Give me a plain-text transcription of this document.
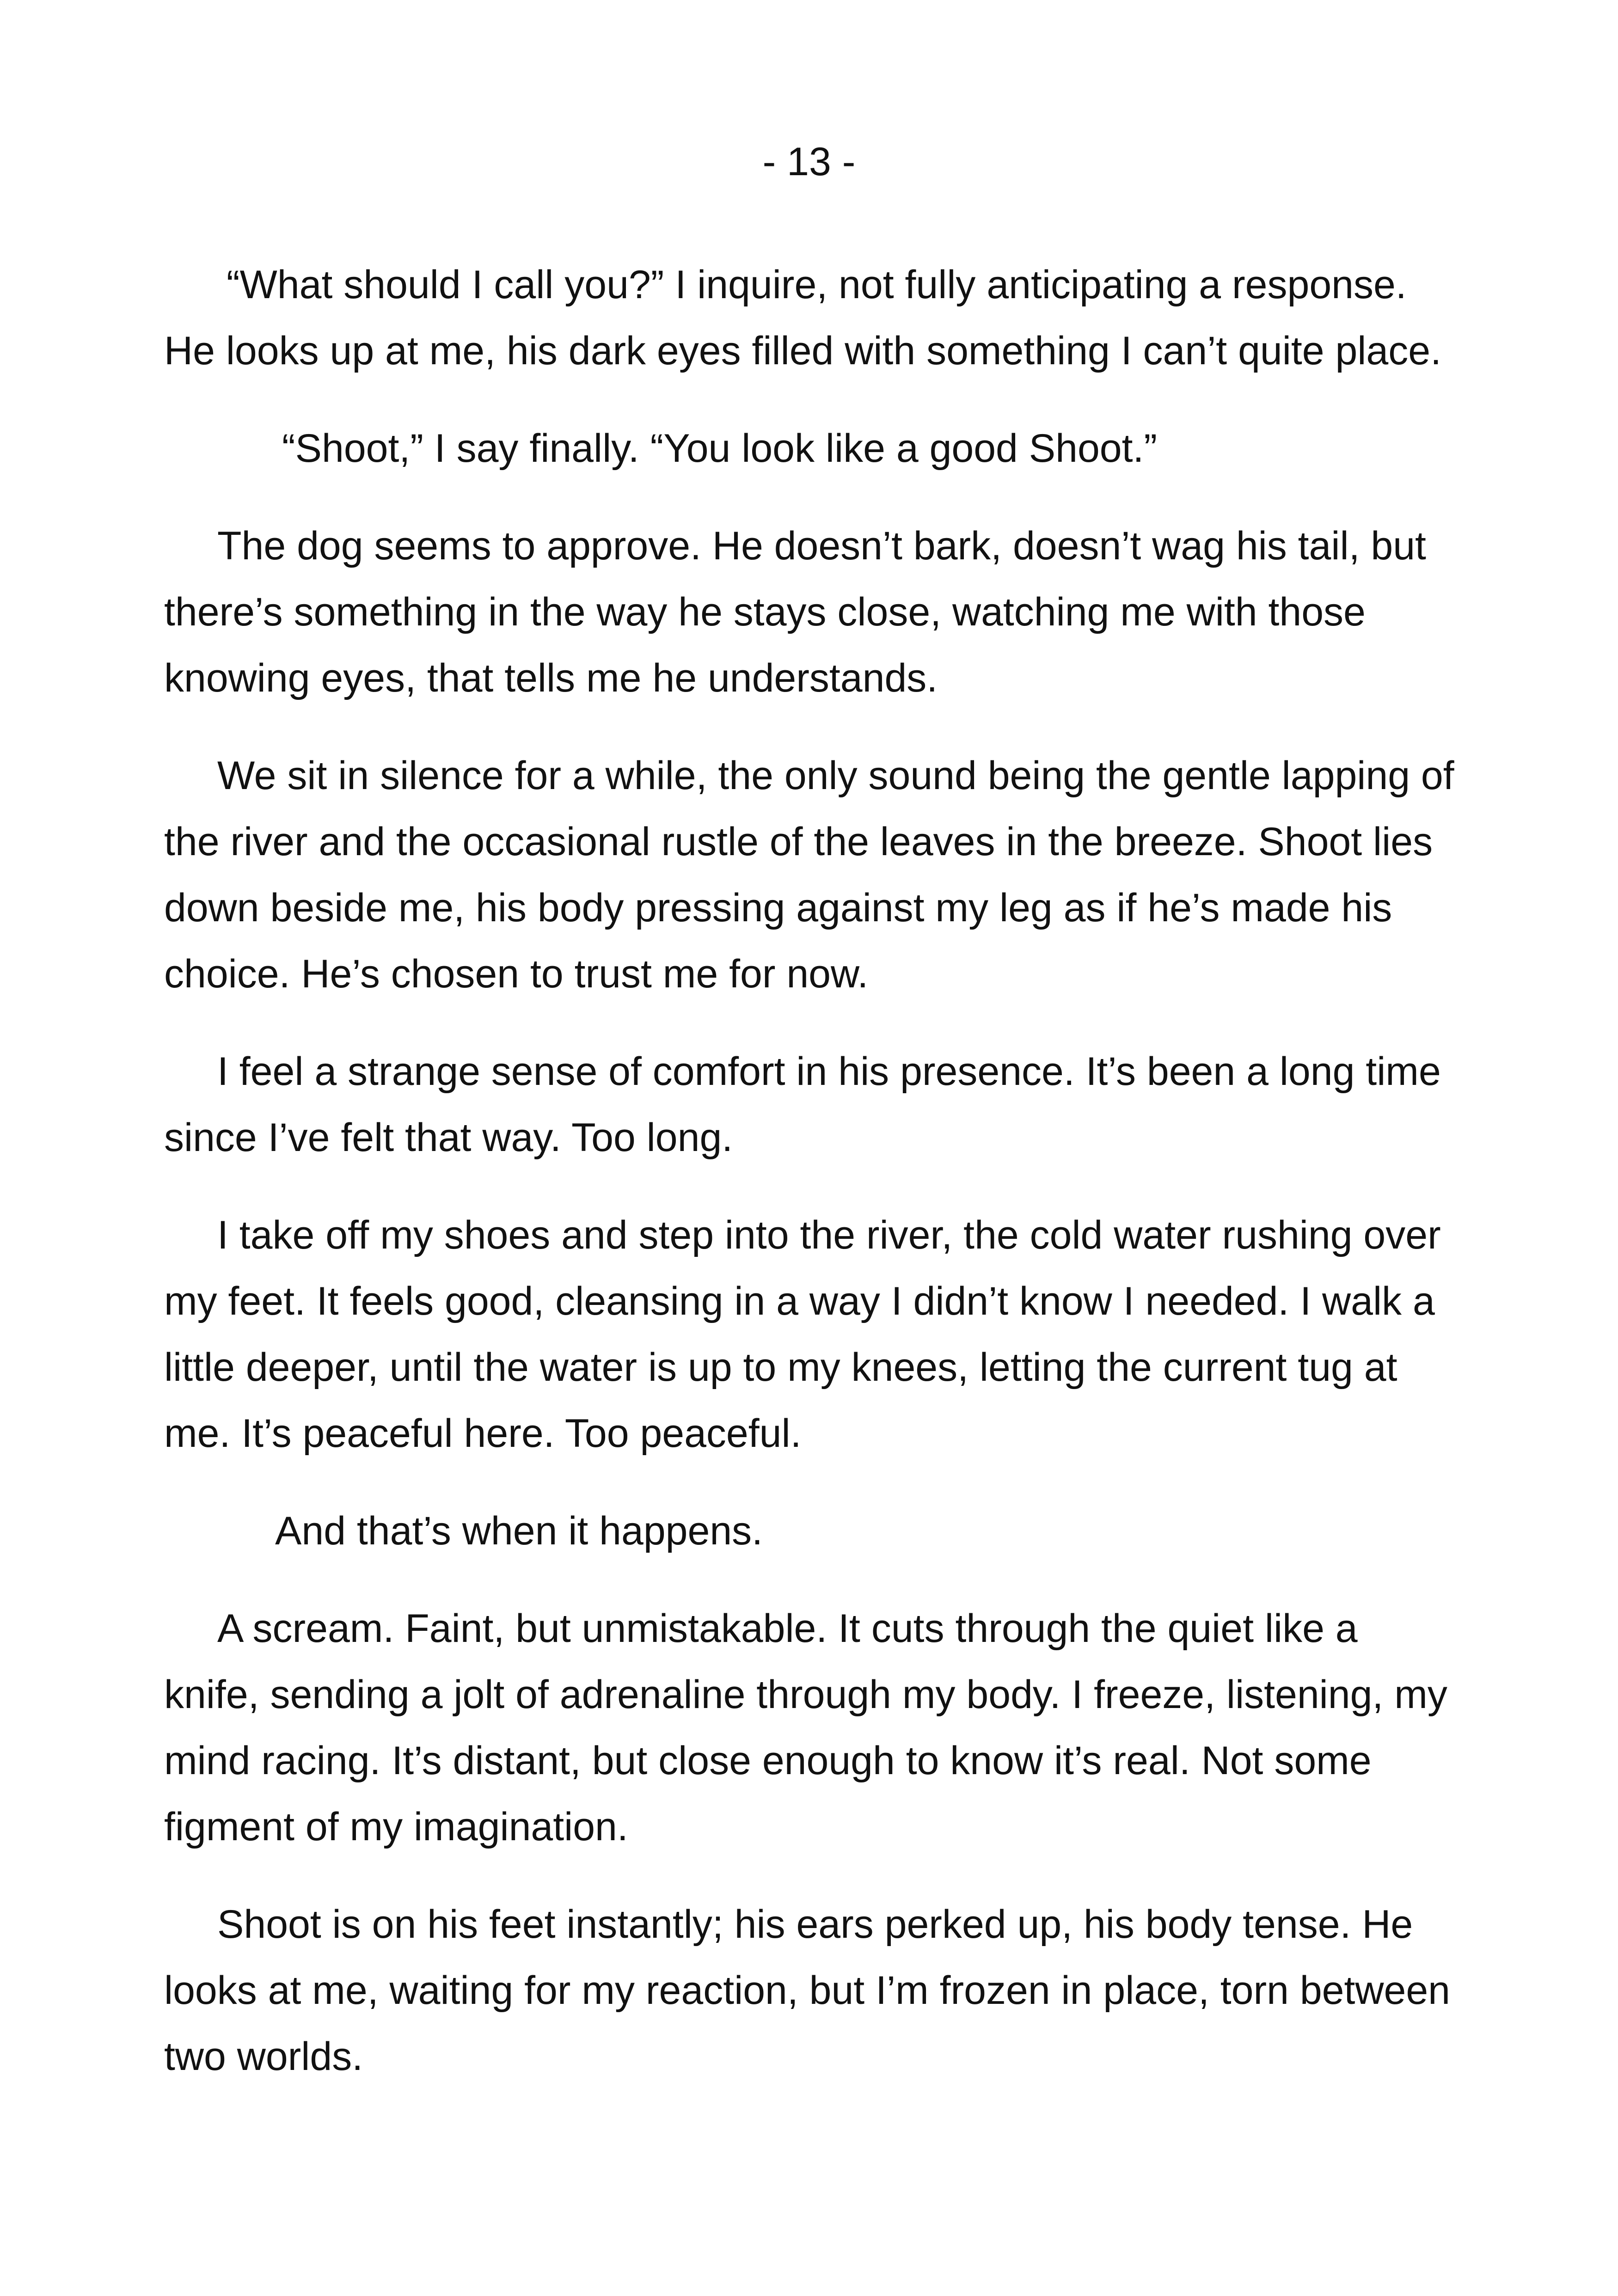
- 13 -

“What should I call you?” I inquire, not fully anticipating a response. He looks up at me, his dark eyes filled with something I can’t quite place.

“Shoot,” I say finally. “You look like a good Shoot.”

The dog seems to approve. He doesn’t bark, doesn’t wag his tail, but there’s something in the way he stays close, watching me with those knowing eyes, that tells me he understands.

We sit in silence for a while, the only sound being the gentle lapping of the river and the occasional rustle of the leaves in the breeze. Shoot lies down beside me, his body pressing against my leg as if he’s made his choice. He’s chosen to trust me for now.

I feel a strange sense of comfort in his presence. It’s been a long time since I’ve felt that way. Too long.

I take off my shoes and step into the river, the cold water rushing over my feet. It feels good, cleansing in a way I didn’t know I needed. I walk a little deeper, until the water is up to my knees, letting the current tug at me. It’s peaceful here. Too peaceful.

And that’s when it happens.

A scream. Faint, but unmistakable. It cuts through the quiet like a knife, sending a jolt of adrenaline through my body. I freeze, listening, my mind racing. It’s distant, but close enough to know it’s real. Not some figment of my imagination.

Shoot is on his feet instantly; his ears perked up, his body tense. He looks at me, waiting for my reaction, but I’m frozen in place, torn between two worlds.
